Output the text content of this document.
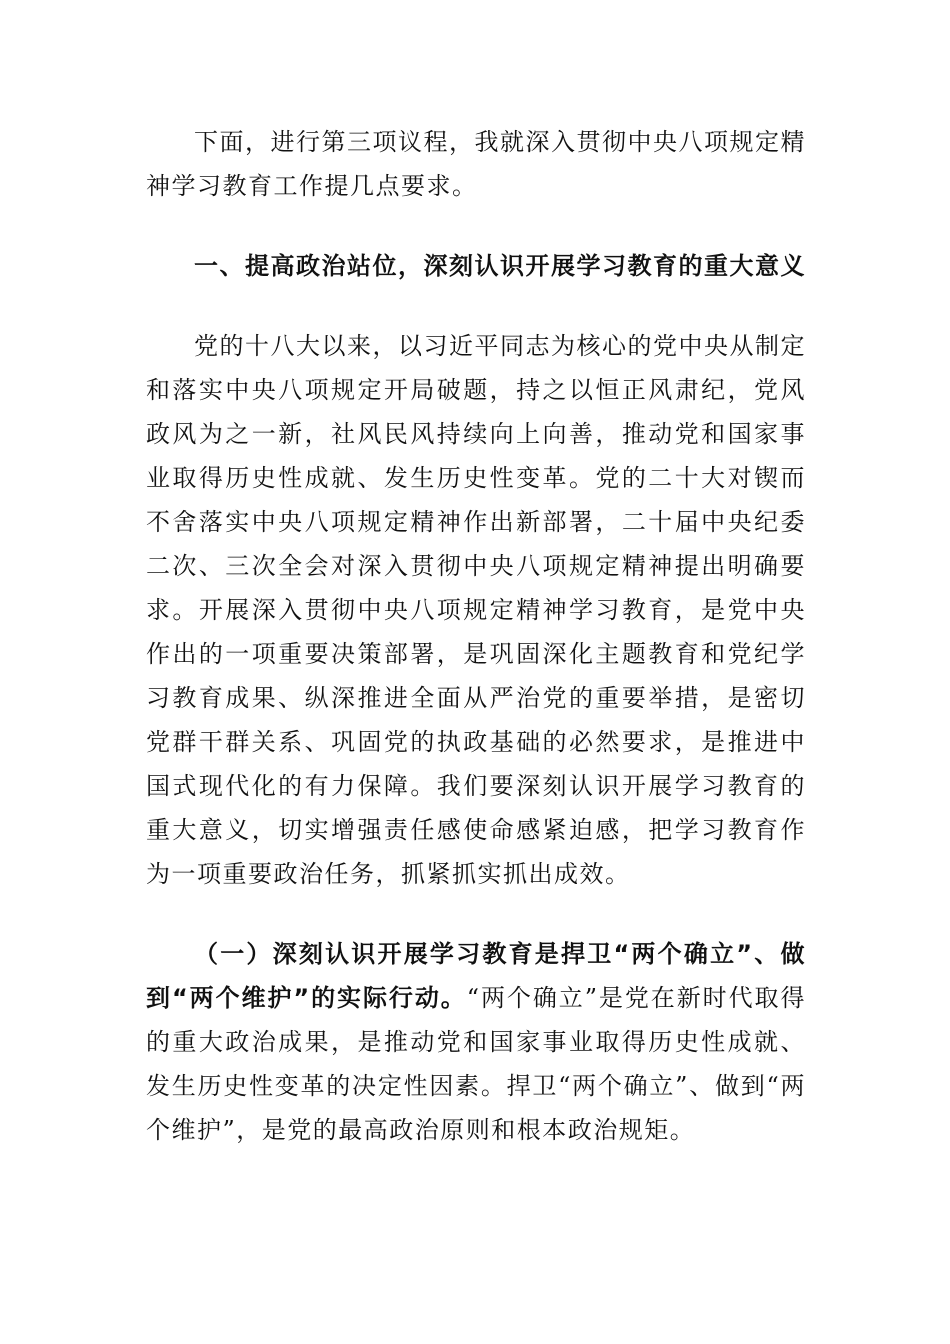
下面，进行第三项议程，我就深入贯彻中央八项规定精神学习教育工作提几点要求。

一、提高政治站位，深刻认识开展学习教育的重大意义

党的十八大以来，以习近平同志为核心的党中央从制定和落实中央八项规定开局破题，持之以恒正风肃纪，党风政风为之一新，社风民风持续向上向善，推动党和国家事业取得历史性成就、发生历史性变革。党的二十大对锲而不舍落实中央八项规定精神作出新部署，二十届中央纪委二次、三次全会对深入贯彻中央八项规定精神提出明确要求。开展深入贯彻中央八项规定精神学习教育，是党中央作出的一项重要决策部署，是巩固深化主题教育和党纪学习教育成果、纵深推进全面从严治党的重要举措，是密切党群干群关系、巩固党的执政基础的必然要求，是推进中国式现代化的有力保障。我们要深刻认识开展学习教育的重大意义，切实增强责任感使命感紧迫感，把学习教育作为一项重要政治任务，抓紧抓实抓出成效。

（一）深刻认识开展学习教育是捍卫“两个确立”、做到“两个维护”的实际行动。“两个确立”是党在新时代取得的重大政治成果，是推动党和国家事业取得历史性成就、发生历史性变革的决定性因素。捍卫“两个确立”、做到“两个维护”，是党的最高政治原则和根本政治规矩。
